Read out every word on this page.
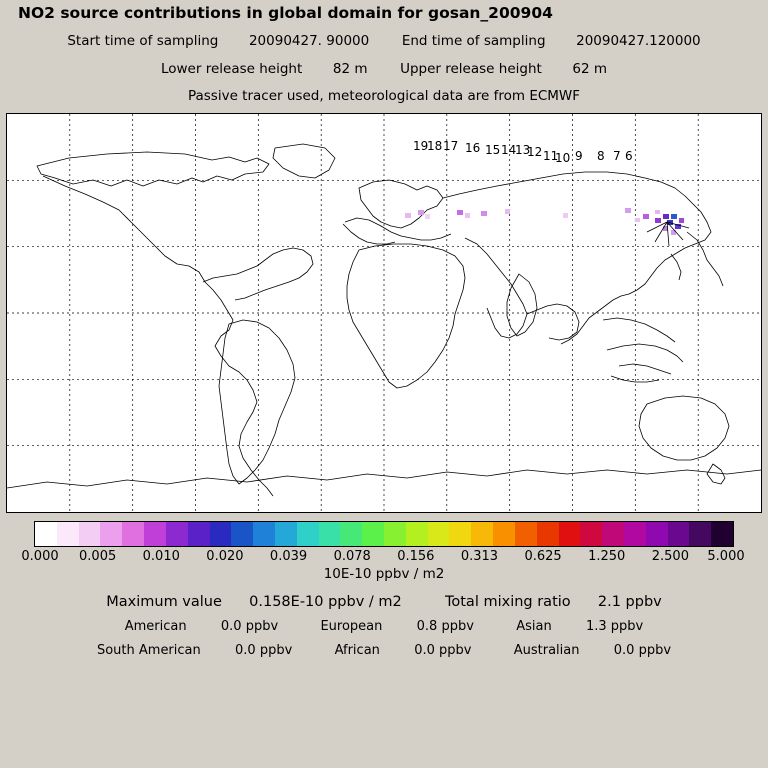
NO2 source contributions in global domain for gosan_200904
Start time of sampling 20090427. 90000 End time of sampling 20090427.120000
Lower release height 82 m Upper release height 62 m
Passive tracer used, meteorological data are from ECMWF
19
18 17 16 15 14
13
12 11
10 9 8 7 6
0.000 0.005 0.010 0.020 0.039 0.078 0.156 0.313 0.625 1.250 2.500 5.000
10E-10 ppbv / m2
Maximum value 0.158E-10 ppbv / m2	Total mixing ratio 2.1 ppbv
American	0.0 ppbv	European	0.8 ppbv	Asian	1.3 ppbv
South American	0.0 ppbv	African	0.0 ppbv	Australian	0.0 ppbv
